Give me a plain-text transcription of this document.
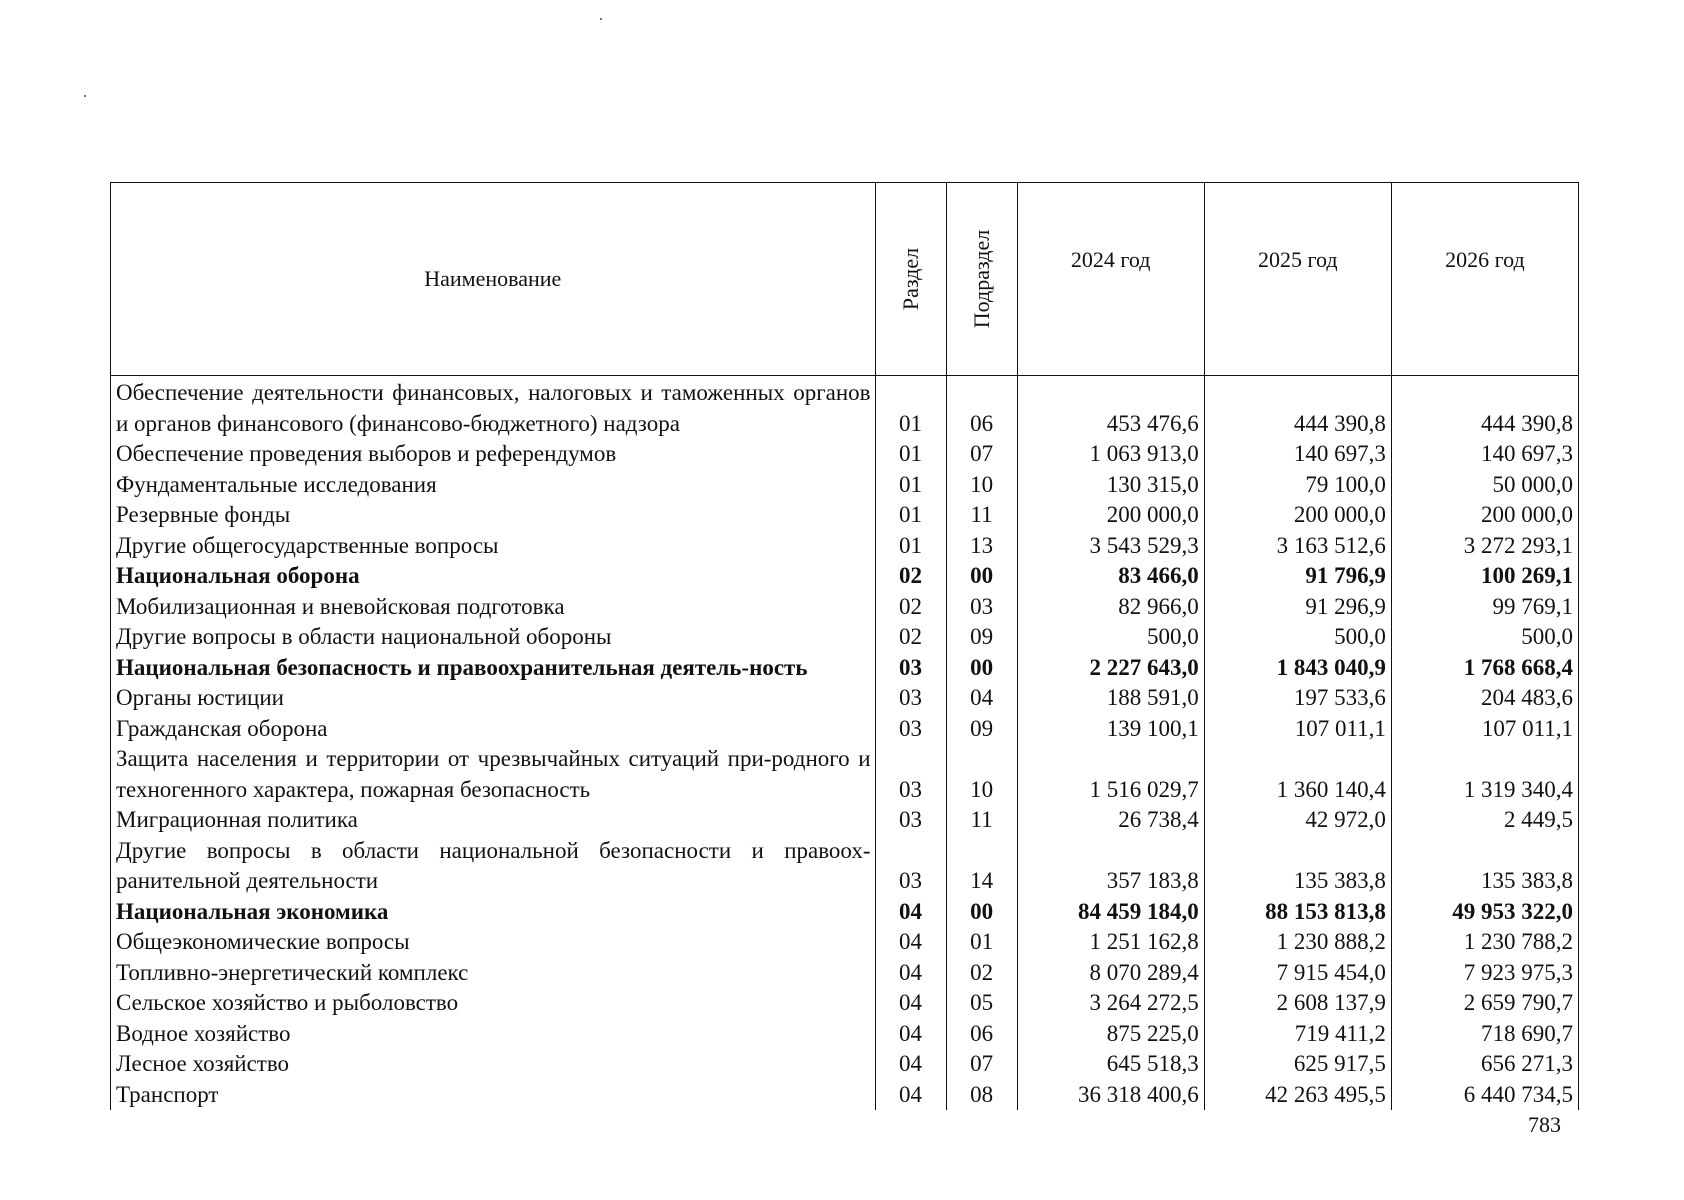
Наименование	Раздел	Подраздел	2024 год	2025 год	2026 год
Обеспечение деятельности финансовых, налоговых и таможенных органов и органов финансового (финансово-бюджетного) надзора	01	06	453 476,6	444 390,8	444 390,8
Обеспечение проведения выборов и референдумов	01	07	1 063 913,0	140 697,3	140 697,3
Фундаментальные исследования	01	10	130 315,0	79 100,0	50 000,0
Резервные фонды	01	11	200 000,0	200 000,0	200 000,0
Другие общегосударственные вопросы	01	13	3 543 529,3	3 163 512,6	3 272 293,1
Национальная оборона	02	00	83 466,0	91 796,9	100 269,1
Мобилизационная и вневойсковая подготовка	02	03	82 966,0	91 296,9	99 769,1
Другие вопросы в области национальной обороны	02	09	500,0	500,0	500,0
Национальная безопасность и правоохранительная деятель-ность	03	00	2 227 643,0	1 843 040,9	1 768 668,4
Органы юстиции	03	04	188 591,0	197 533,6	204 483,6
Гражданская оборона	03	09	139 100,1	107 011,1	107 011,1
Защита населения и территории от чрезвычайных ситуаций при-родного и техногенного характера, пожарная безопасность	03	10	1 516 029,7	1 360 140,4	1 319 340,4
Миграционная политика	03	11	26 738,4	42 972,0	2 449,5
Другие вопросы в области национальной безопасности и правоох-ранительной деятельности	03	14	357 183,8	135 383,8	135 383,8
Национальная экономика	04	00	84 459 184,0	88 153 813,8	49 953 322,0
Общеэкономические вопросы	04	01	1 251 162,8	1 230 888,2	1 230 788,2
Топливно-энергетический комплекс	04	02	8 070 289,4	7 915 454,0	7 923 975,3
Сельское хозяйство и рыболовство	04	05	3 264 272,5	2 608 137,9	2 659 790,7
Водное хозяйство	04	06	875 225,0	719 411,2	718 690,7
Лесное хозяйство	04	07	645 518,3	625 917,5	656 271,3
Транспорт	04	08	36 318 400,6	42 263 495,5	6 440 734,5
783
